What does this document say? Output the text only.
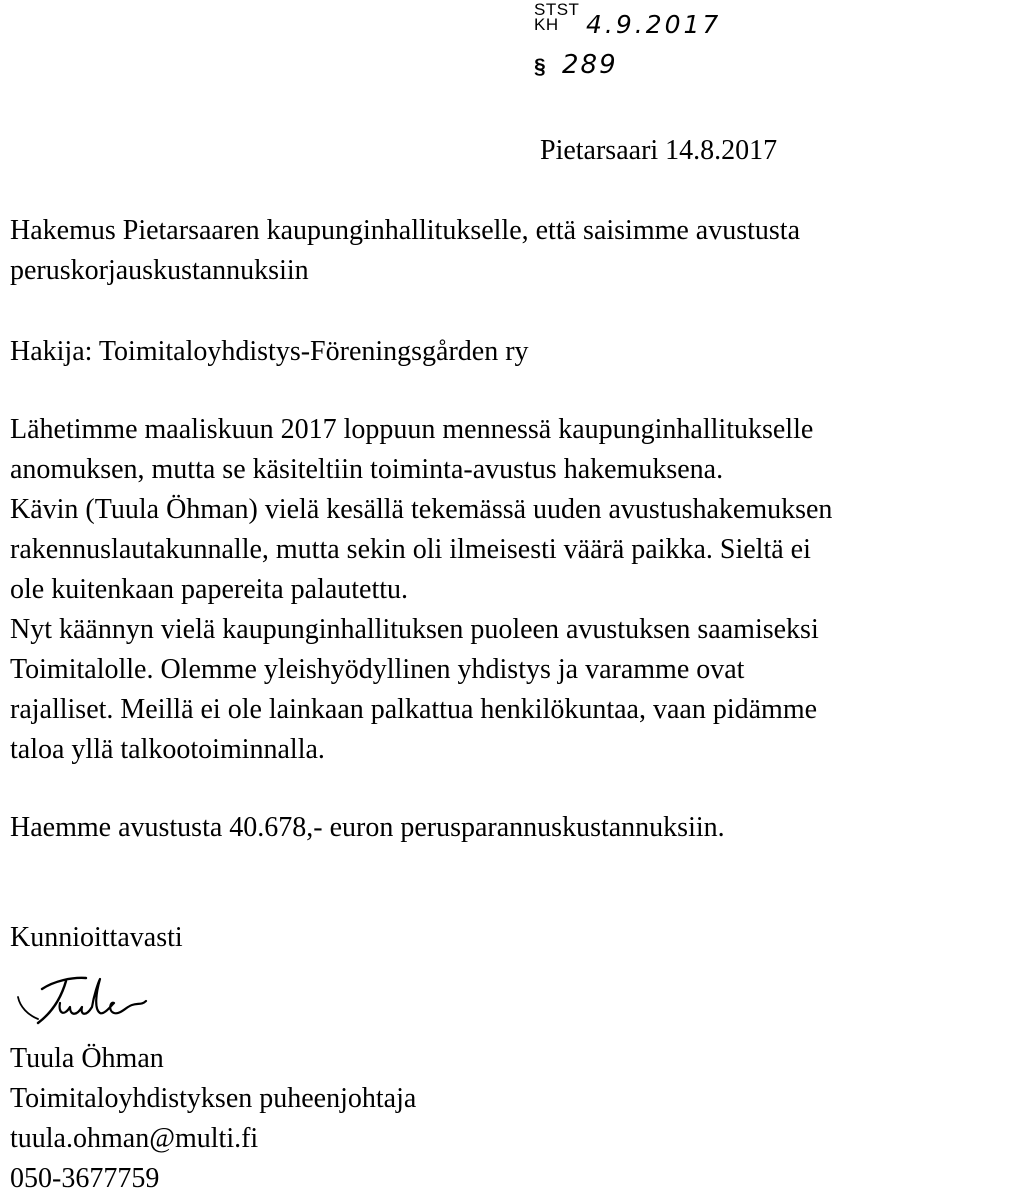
STST
KH	4.9.2017
§ 289
Pietarsaari 14.8.2017
Hakemus Pietarsaaren kaupunginhallitukselle, että saisimme avustusta
peruskorjauskustannuksiin
Hakija: Toimitaloyhdistys-Föreningsgården ry
Lähetimme maaliskuun 2017 loppuun mennessä kaupunginhallitukselle
anomuksen, mutta se käsiteltiin toiminta-avustus hakemuksena.
Kävin (Tuula Öhman) vielä kesällä tekemässä uuden avustushakemuksen
rakennuslautakunnalle, mutta sekin oli ilmeisesti väärä paikka. Sieltä ei
ole kuitenkaan papereita palautettu.
Nyt käännyn vielä kaupunginhallituksen puoleen avustuksen saamiseksi
Toimitalolle. Olemme yleishyödyllinen yhdistys ja varamme ovat
rajalliset. Meillä ei ole lainkaan palkattua henkilökuntaa, vaan pidämme
taloa yllä talkootoiminnalla.
Haemme avustusta 40.678,- euron perusparannuskustannuksiin.
Kunnioittavasti
Tuula Öhman
Toimitaloyhdistyksen puheenjohtaja
tuula.ohman@multi.fi
050-3677759
